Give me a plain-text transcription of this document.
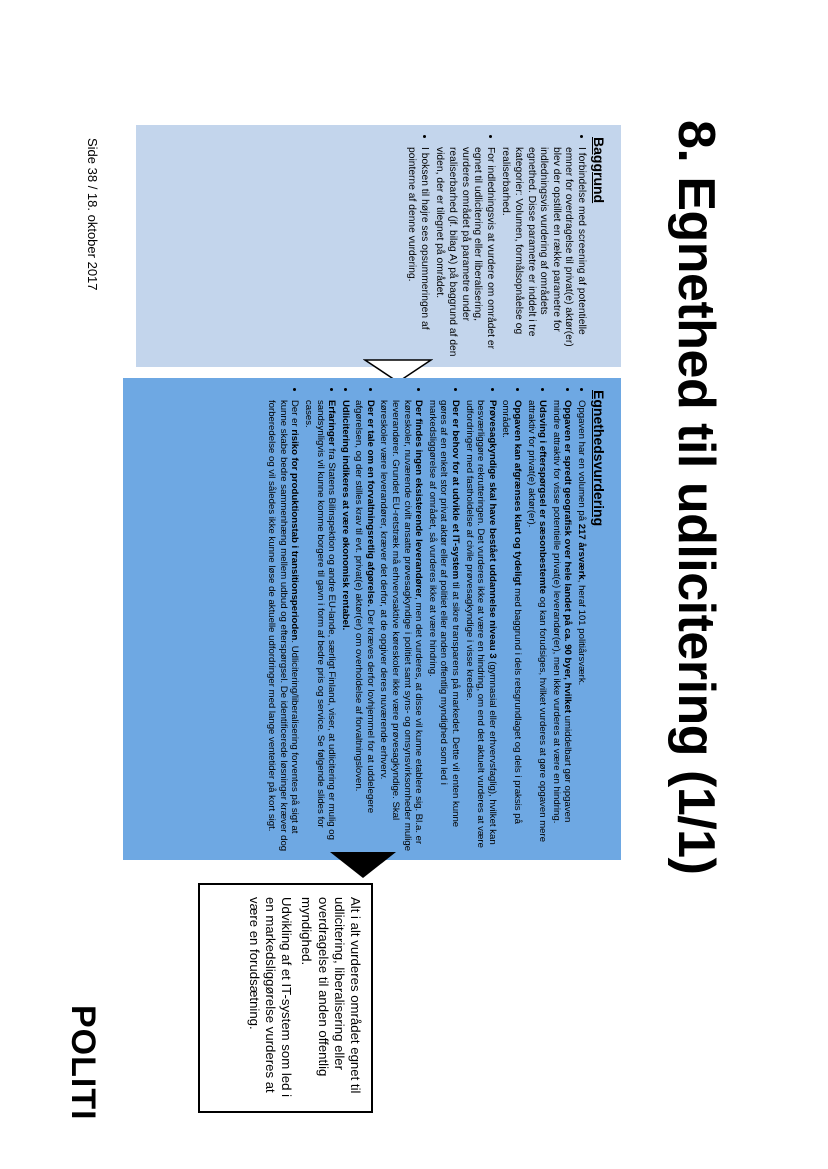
8. Egnethed til udlicitering (1/1)
Baggrund
• I forbindelse med screening af potentielle emner for overdragelse til privat(e) aktør(er) blev der opstillet en række parametre for indledningsvis vurdering af områdets egnethed. Disse parametre er inddelt i tre kategorier: Volumen, formålsopnåelse og realiserbarhed.
• For indledningsvis at vurdere om området er egnet til udlicitering eller liberalisering, vurderes området på parametre under realiserbarhed (jf. bilag A) på baggrund af den viden, der er tilegnet på området.
• I boksen til højre ses opsummeringen af pointerne af denne vurdering.
Egnethedsvurdering
• Opgaven har en volumen på 217 årsværk, heraf 101 politiårsværk.
• Opgaven er spredt geografisk over hele landet på ca. 90 byer, hvilket umiddelbart gør opgaven mindre attraktiv for visse potentielle privat(e) leverandør(er), men ikke vurderes at være en hindring.
• Udsving i efterspørgsel er sæsonbestemte og kan forudsiges, hvilket vurderes at gøre opgaven mere attraktiv for privat(e) aktør(er).
• Opgaven kan afgrænses klart og tydeligt med baggrund i dels retsgrundlaget og dels i praksis på området.
• Prøvesagkyndige skal have bestået uddannelse niveau 3 (gymnasial eller erhvervsfaglig), hvilket kan besværliggøre rekrutteringen. Det vurderes ikke at være en hindring, om end det aktuelt vurderes at være udfordringer med fastholdelse af civile prøvesagkyndige i visse kredse.
• Der er behov for at udvikle et IT-system til at sikre transparens på markedet. Dette vil enten kunne gøres af en enkelt stor privat aktør eller af politiet eller anden offentlig myndighed som led i markedsliggørelse af området, så vurderes ikke at være hindring.
• Der findes ingen eksisterende leverandører, men det vurderes, at disse vil kunne etablere sig. Bl.a. er køreskoler, nuværende civilt ansatte prøvesagkyndige i politiet samt syns- og omsynsvirksomheder mulige leverandører. Grundet EU-retstræk må erhvervsaktive køreskoler ikke være prøvesagkyndige. Skal køreskoler være leverandører, kræver det derfor, at de opgiver deres nuværende erhverv.
• Der er tale om en forvaltningsretlig afgørelse. Der kræves derfor lovhjemmel for at uddelegere afgørelsen, og der stilles krav til evt. privat(e) aktør(er) om overholdelse af forvaltningsloven.
• Udlicitering indikeres at være økonomisk rentabel.
• Erfaringer fra Statens Bilinspektion og andre EU-lande, særligt Finland, viser, at udlicitering er mulig og sandsynligvis vil kunne komme borgere til gavn i form af bedre pris og service. Se følgende slides for cases.
• Der er risiko for produktionstab i transitionsperioden. Udlicitering/liberalisering forventes på sigt at kunne skabe bedre sammenhæng mellem udbud og efterspørgsel. De identificerede løsninger kræver dog forberedelse og vil således ikke kunne løse de aktuelle udfordringer med lange ventetider på kort sigt.

Alt i alt vurderes området egnet til udlicitering, liberalisering eller overdragelse til anden offentlig myndighed.

Udvikling af et IT-system som led i en markedsliggørelse vurderes at være en forudsætning.

Side 38 / 18. oktober 2017
POLITI
